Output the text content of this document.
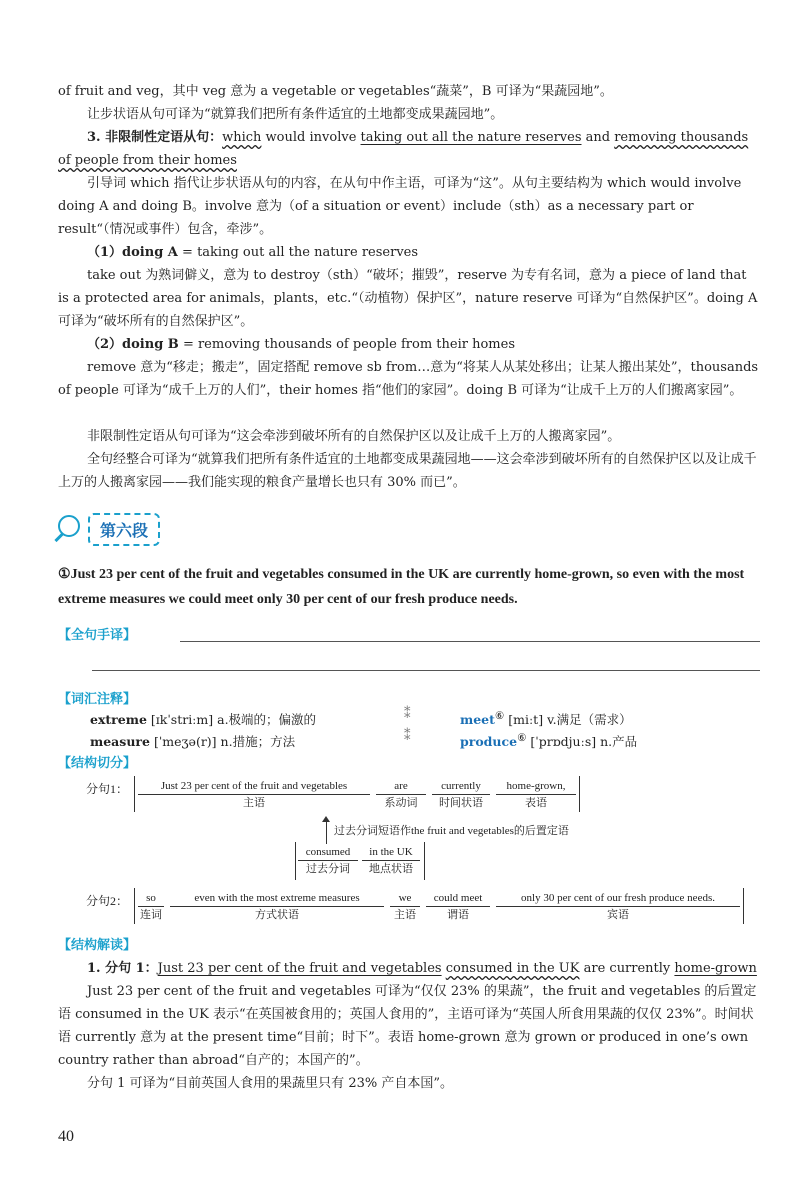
of fruit and veg，其中 veg 意为 a vegetable or vegetables“蔬菜”，B 可译为“果蔬园地”。
让步状语从句可译为“就算我们把所有条件适宜的土地都变成果蔬园地”。
3. 非限制性定语从句：which would involve taking out all the nature reserves and removing thousands of people from their homes
引导词 which 指代让步状语从句的内容，在从句中作主语，可译为“这”。从句主要结构为 which would involve doing A and doing B。involve 意为（of a situation or event）include（sth）as a necessary part or result“（情况或事件）包含，牵涉”。
（1）doing A = taking out all the nature reserves
take out 为熟词僻义，意为 to destroy（sth）“破坏；摧毁”，reserve 为专有名词，意为 a piece of land that is a protected area for animals，plants，etc.“（动植物）保护区”，nature reserve 可译为“自然保护区”。doing A 可译为“破坏所有的自然保护区”。
（2）doing B = removing thousands of people from their homes
remove 意为“移走；搬走”，固定搭配 remove sb from…意为“将某人从某处移出；让某人搬出某处”，thousands of people 可译为“成千上万的人们”，their homes 指“他们的家园”。doing B 可译为“让成千上万的人们搬离家园”。
非限制性定语从句可译为“这会牵涉到破坏所有的自然保护区以及让成千上万的人搬离家园”。
全句经整合可译为“就算我们把所有条件适宜的土地都变成果蔬园地——这会牵涉到破坏所有的自然保护区以及让成千上万的人搬离家园——我们能实现的粮食产量增长也只有 30% 而已”。
第六段
①Just 23 per cent of the fruit and vegetables consumed in the UK are currently home-grown, so even with the most extreme measures we could meet only 30 per cent of our fresh produce needs.
【全句手译】
【词汇注释】
extreme [ɪkˈstriːm] a.极端的；偏激的
measure [ˈmeʒə(r)] n.措施；方法
⁑
⁑
meet⑥ [miːt] v.满足（需求）
produce⑥ [ˈprɒdjuːs] n.产品
【结构切分】
分句1：	Just 23 per cent of the fruit and vegetables
主语
are
系动词
currently
时间状语
home-grown,
表语
过去分词短语作the fruit and vegetables的后置定语
consumed
过去分词
in the UK
地点状语
分句2：	so
连词
even with the most extreme measures
方式状语
we
主语
could meet
谓语
only 30 per cent of our fresh produce needs.
宾语
【结构解读】
1. 分句 1：Just 23 per cent of the fruit and vegetables consumed in the UK are currently home-grown
Just 23 per cent of the fruit and vegetables 可译为“仅仅 23% 的果蔬”，the fruit and vegetables 的后置定语 consumed in the UK 表示“在英国被食用的；英国人食用的”，主语可译为“英国人所食用果蔬的仅仅 23%”。时间状语 currently 意为 at the present time“目前；时下”。表语 home-grown 意为 grown or produced in one’s own country rather than abroad“自产的；本国产的”。
分句 1 可译为“目前英国人食用的果蔬里只有 23% 产自本国”。
40
